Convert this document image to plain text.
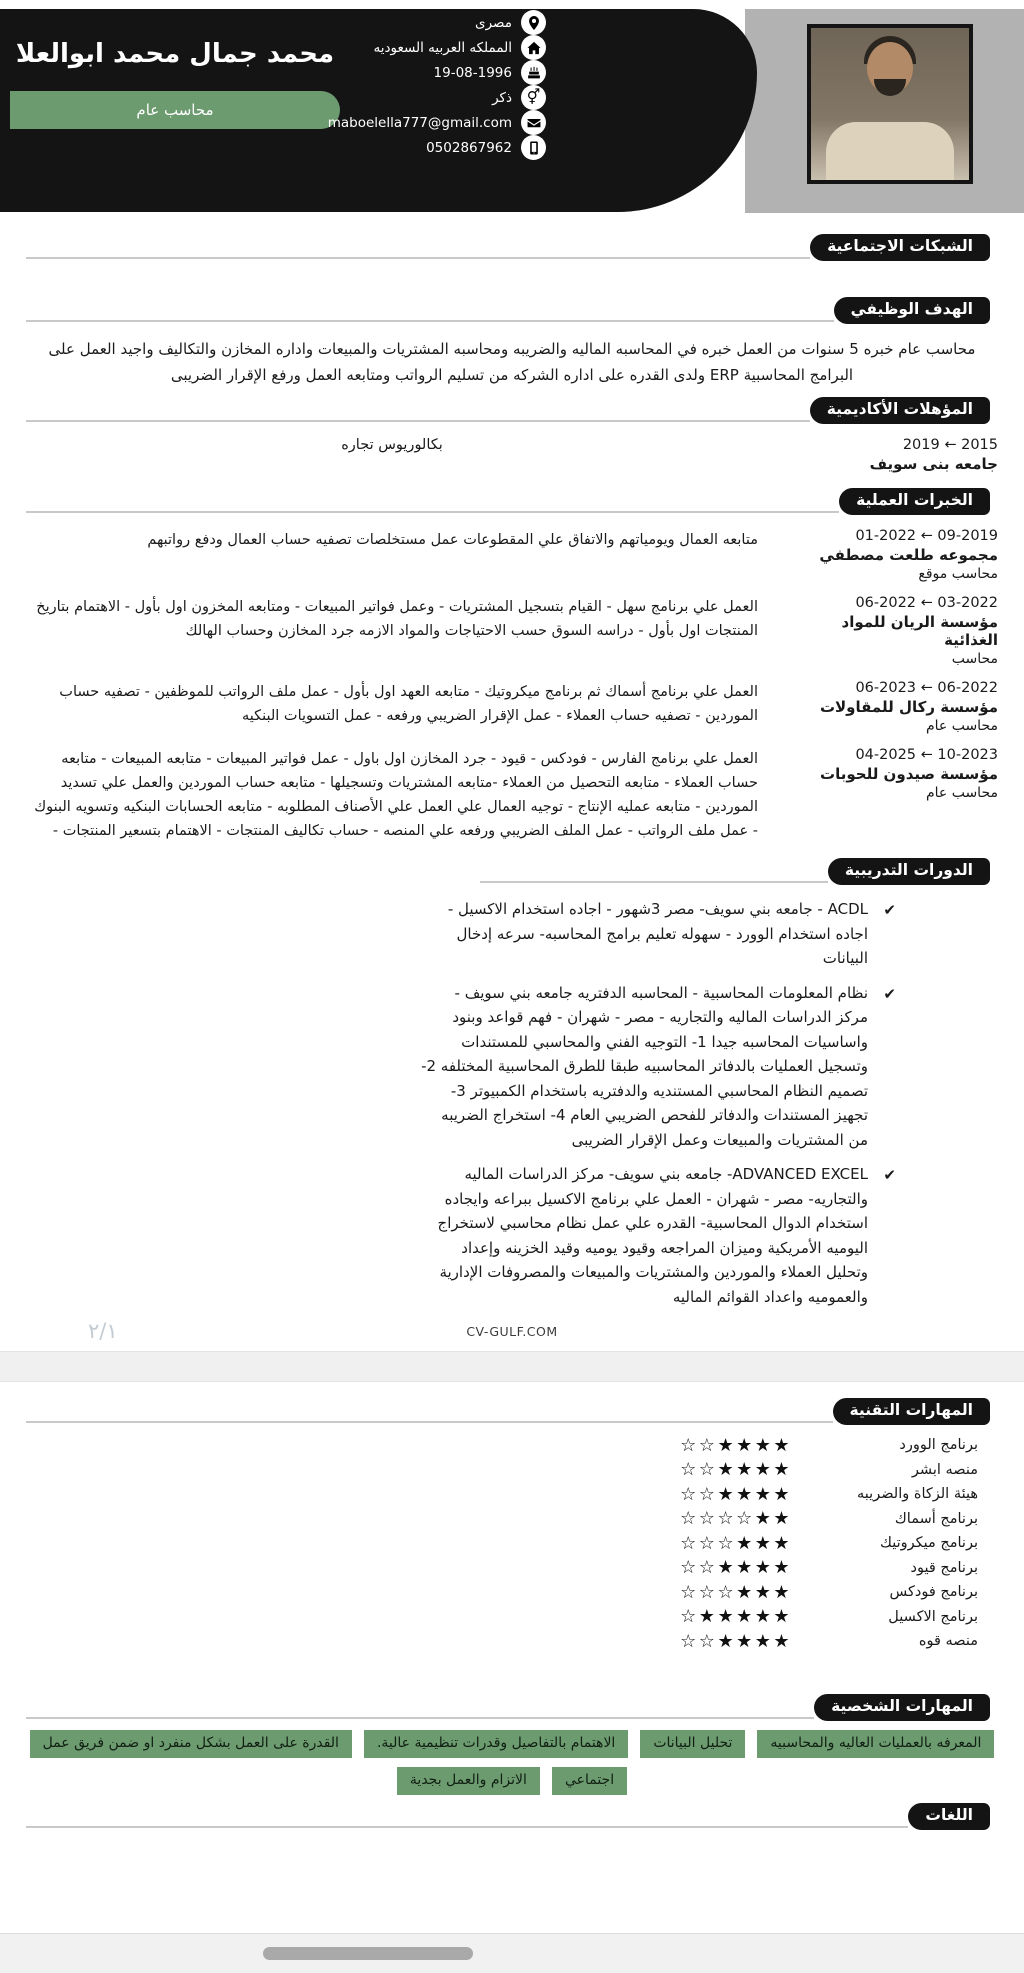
محمد جمال محمد ابوالعلا
محاسب عام
مصرى
المملكه العربيه السعوديه
19-08-1996
⚥
ذكر
maboelella777@gmail.com
0502867962
الشبكات الاجتماعية
الهدف الوظيفي

محاسب عام خبره 5 سنوات من العمل خبره في المحاسبه الماليه والضريبه ومحاسبه المشتريات والمبيعات واداره المخازن والتكاليف واجيد العمل على البرامج المحاسبية ERP ولدى القدره على اداره الشركه من تسليم الرواتب ومتابعه العمل ورفع الإقرار الضريبى

المؤهلات الأكاديمية
2015 ← 2019
جامعه بنى سويف
بكالوريوس تجاره
الخبرات العملية
09-2019 ← 01-2022
مجموعه طلعت مصطفي
محاسب موقع
متابعه العمال ويومياتهم والاتفاق علي المقطوعات عمل مستخلصات تصفيه حساب العمال ودفع رواتبهم
03-2022 ← 06-2022
مؤسسة الريان للمواد الغذائية
محاسب
العمل علي برنامج سهل - القيام بتسجيل المشتريات - وعمل فواتير المبيعات - ومتابعه المخزون اول بأول - الاهتمام بتاريخ المنتجات اول بأول - دراسه السوق حسب الاحتياجات والمواد الازمه جرد المخازن وحساب الهالك
06-2022 ← 06-2023
مؤسسة ركال للمقاولات
محاسب عام
العمل علي برنامج أسماك ثم برنامج ميكروتيك - متابعه العهد اول بأول - عمل ملف الرواتب للموظفين - تصفيه حساب الموردين - تصفيه حساب العملاء - عمل الإقرار الضريبي ورفعه - عمل التسويات البنكيه
10-2023 ← 04-2025
مؤسسة صيدون للحوبات
محاسب عام
العمل علي برنامج الفارس - فودكس - قيود - جرد المخازن اول باول - عمل فواتير المبيعات - متابعه المبيعات - متابعه حساب العملاء - متابعه التحصيل من العملاء -متابعه المشتريات وتسجيلها - متابعه حساب الموردين والعمل علي تسديد الموردين - متابعه عمليه الإنتاج - توجيه العمال علي العمل علي الأصناف المطلوبه - متابعه الحسابات البنكيه وتسويه البنوك - عمل ملف الرواتب - عمل الملف الضريبي ورفعه علي المنصه - حساب تكاليف المنتجات - الاهتمام بتسعير المنتجات -
الدورات التدريبية
✔
ACDL - جامعه بني سويف- مصر 3شهور - اجاده استخدام الاكسيل - اجاده استخدام الوورد - سهوله تعليم برامج المحاسبه- سرعه إدخال البيانات
✔
نظام المعلومات المحاسبية - المحاسبه الدفتريه جامعه بني سويف - مركز الدراسات الماليه والتجاريه - مصر - شهران - فهم قواعد وبنود واساسيات المحاسبه جيدا 1- التوجيه الفني والمحاسبي للمستندات وتسجيل العمليات بالدفاتر المحاسبيه طبقا للطرق المحاسبية المختلفه 2- تصميم النظام المحاسبي المستنديه والدفتريه باستخدام الكمبيوتر 3- تجهيز المستندات والدفاتر للفحص الضريبي العام 4- استخراج الضريبه من المشتريات والمبيعات وعمل الإقرار الضريبى
✔
ADVANCED EXCEL- جامعه بني سويف- مركز الدراسات الماليه والتجاريه- مصر - شهران - العمل علي برنامج الاكسيل ببراعه وايجاده استخدام الدوال المحاسبية- القدره علي عمل نظام محاسبي لاستخراج اليوميه الأمريكية وميزان المراجعه وقيود يوميه وقيد الخزينه وإعداد وتحليل العملاء والموردين والمشتريات والمبيعات والمصروفات الإدارية والعموميه واعداد القوائم الماليه
٢/١	CV-GULF.COM
المهارات التقنية
برنامج الوورد
☆☆★★★★
منصه ابشر
☆☆★★★★
هيئة الزكاة والضريبه
☆☆★★★★
برنامج أسماك
☆☆☆☆★★
برنامج ميكروتيك
☆☆☆★★★
برنامج قيود
☆☆★★★★
برنامج فودكس
☆☆☆★★★
برنامج الاكسيل
☆★★★★★
منصه قوه
☆☆★★★★
المهارات الشخصية
المعرفه بالعمليات العاليه والمحاسبيه
تحليل البيانات
الاهتمام بالتفاصيل وقدرات تنظيمية عالية.
القدرة على العمل بشكل منفرد او ضمن فريق عمل
اجتماعي
الاتزام والعمل بجدية
اللغات
